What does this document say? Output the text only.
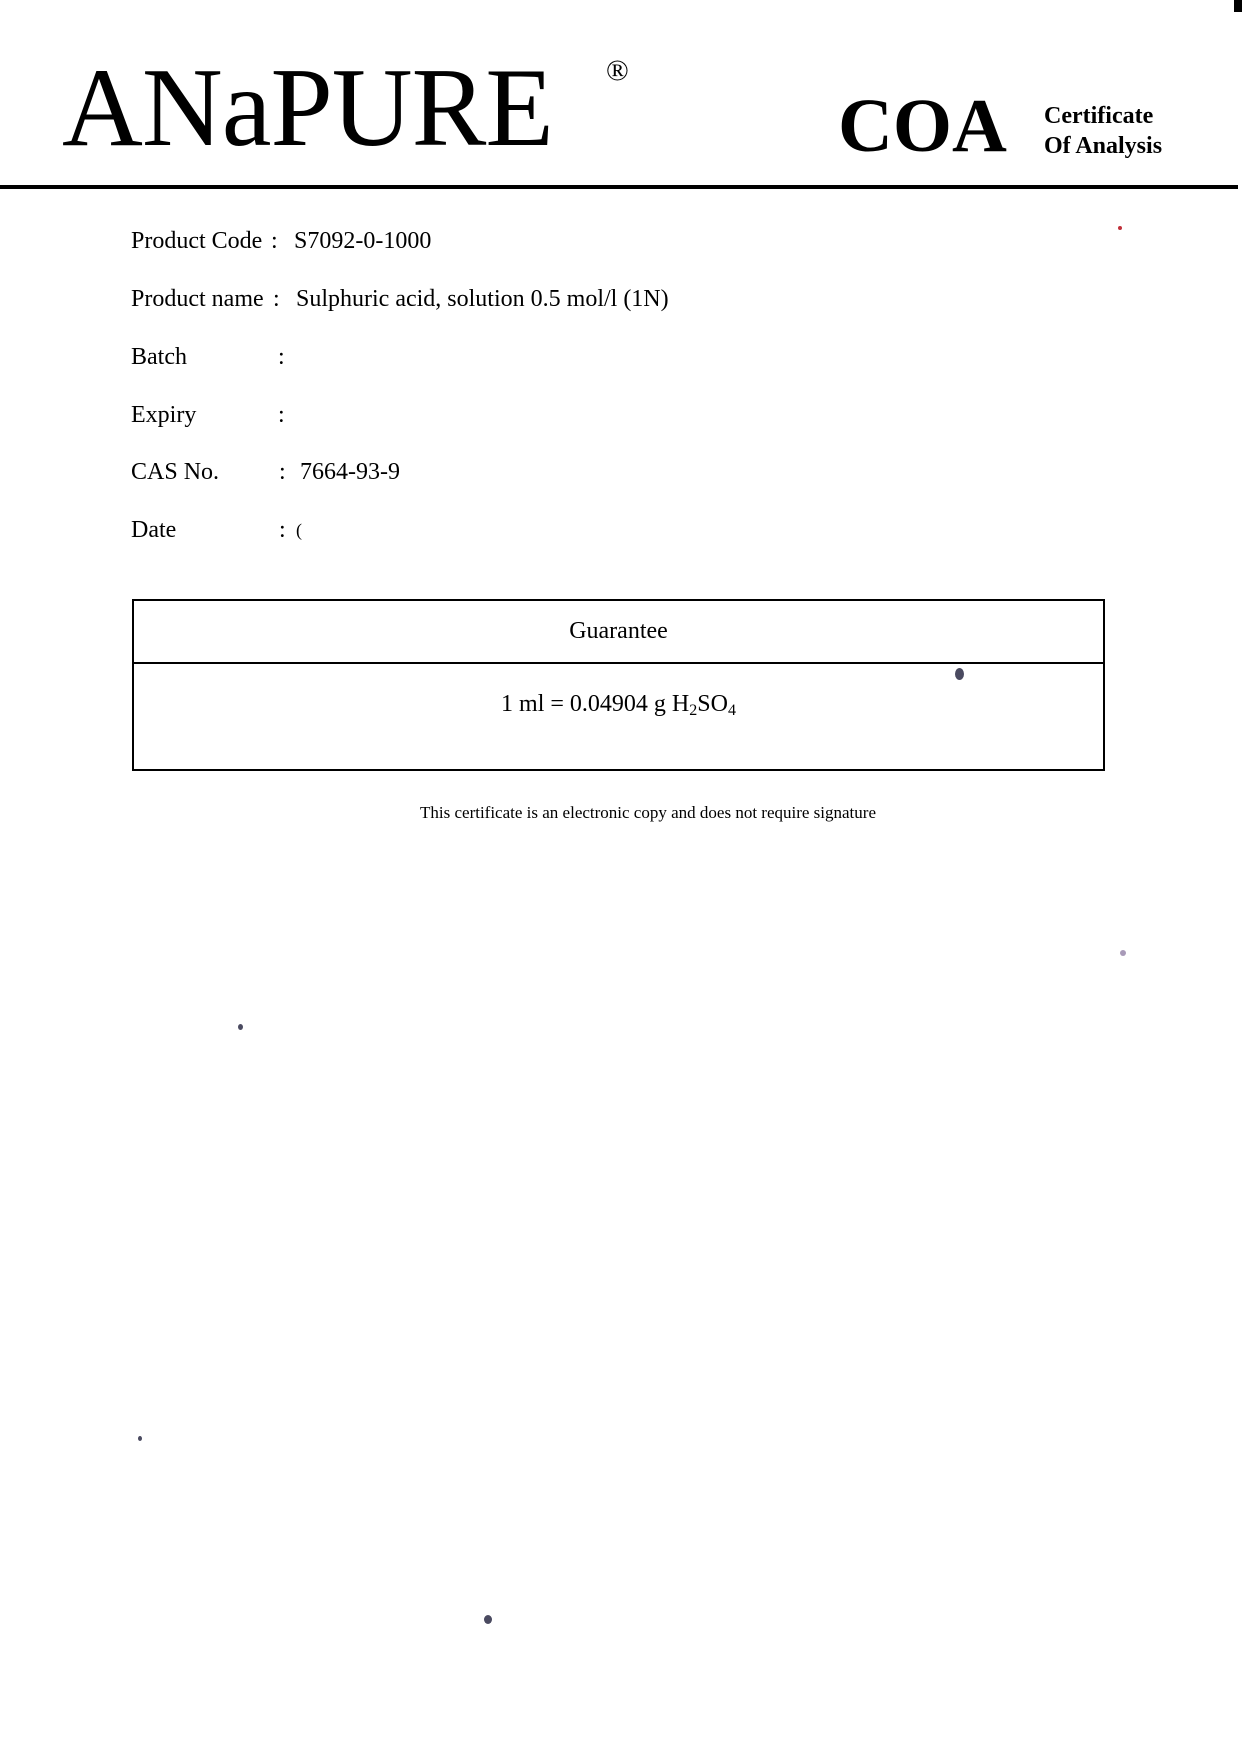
ANaPURE ®
COA Certificate
Of Analysis
Product Code : S7092-0-1000
Product name : Sulphuric acid, solution 0.5 mol/l (1N)
Batch	:
Expiry	:
CAS No. : 7664-93-9
Date	: (
Guarantee
1 ml = 0.04904 g $H_2SO_4$
This certificate is an electronic copy and does not require signature
